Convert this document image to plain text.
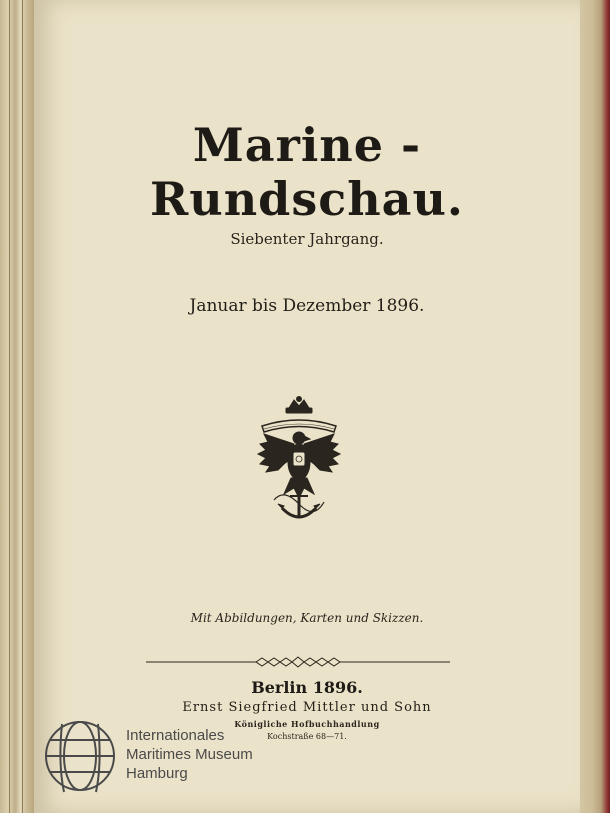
Marine - Rundschau.
Siebenter Jahrgang.
Januar bis Dezember 1896.
Mit Abbildungen, Karten und Skizzen.
Berlin 1896.
Ernst Siegfried Mittler und Sohn
Königliche Hofbuchhandlung
Kochstraße 68—71.
Internationales
Maritimes Museum
Hamburg
